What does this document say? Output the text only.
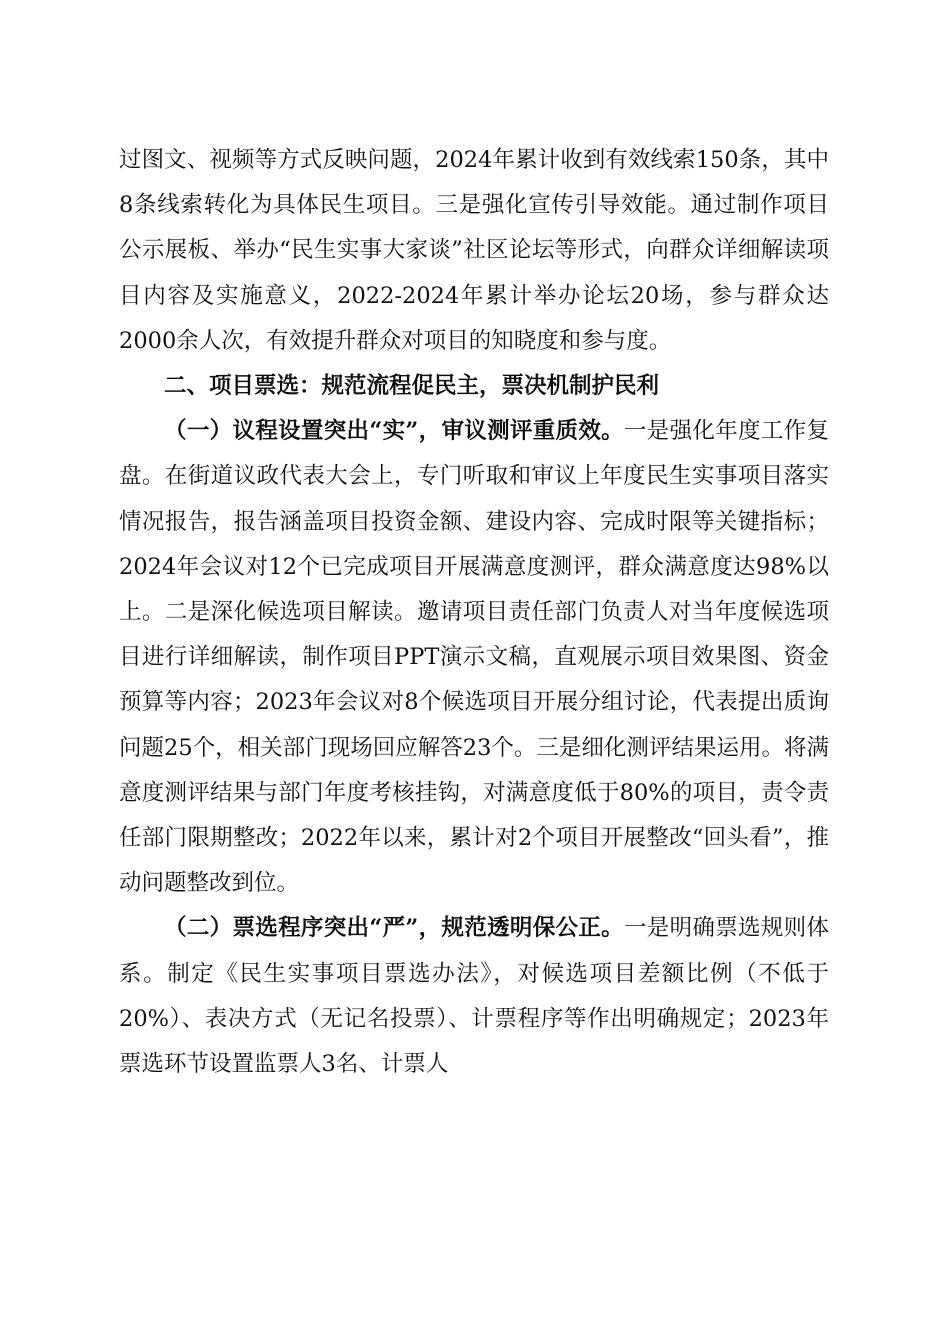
过图文、视频等方式反映问题，2024年累计收到有效线索150条，其中8条线索转化为具体民生项目。三是强化宣传引导效能。通过制作项目公示展板、举办“民生实事大家谈”社区论坛等形式，向群众详细解读项目内容及实施意义，2022-2024年累计举办论坛20场，参与群众达2000余人次，有效提升群众对项目的知晓度和参与度。

二、项目票选：规范流程促民主，票决机制护民利

（一）议程设置突出“实”，审议测评重质效。一是强化年度工作复盘。在街道议政代表大会上，专门听取和审议上年度民生实事项目落实情况报告，报告涵盖项目投资金额、建设内容、完成时限等关键指标；2024年会议对12个已完成项目开展满意度测评，群众满意度达98%以上。二是深化候选项目解读。邀请项目责任部门负责人对当年度候选项目进行详细解读，制作项目PPT演示文稿，直观展示项目效果图、资金预算等内容；2023年会议对8个候选项目开展分组讨论，代表提出质询问题25个，相关部门现场回应解答23个。三是细化测评结果运用。将满意度测评结果与部门年度考核挂钩，对满意度低于80%的项目，责令责任部门限期整改；2022年以来，累计对2个项目开展整改“回头看”，推动问题整改到位。

（二）票选程序突出“严”，规范透明保公正。一是明确票选规则体系。制定《民生实事项目票选办法》，对候选项目差额比例（不低于20%）、表决方式（无记名投票）、计票程序等作出明确规定；2023年票选环节设置监票人3名、计票人
